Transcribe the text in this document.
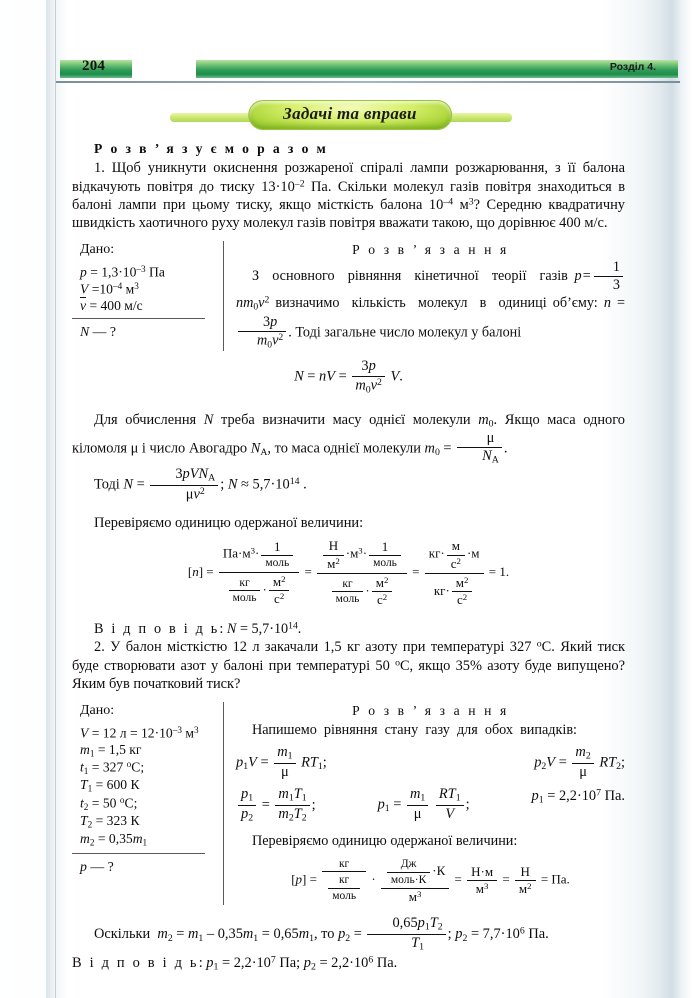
204	Розділ 4.
Задачі та вправи
Р о з в ’ я з у є м о р а з о м

1. Щоб уникнути окиснення розжареної спіралі лампи розжарювання, з її балона відкачують повітря до тиску $13\cdot 10^{-2}$ Па. Скільки молекул газів повітря знаходиться в балоні лампи при цьому тиску, якщо місткість балона $10^{-4}$ $м^3$? Середню квадратичну швидкість хаотичного руху молекул газів повітря вважати такою, що дорівнює 400 м/с.

Дано:
$p = 1,3\cdot 10^{-3}$ Па
$V =10^{-4}$ $м^3$
v = 400 м/с
N — ?
Р о з в ’ я з а н н я

З  основного  рівняння  кінетичної  теорії  газів p =  $\frac{1}{3}$
$nm_0v^2$ визначимо  кількість  молекул  в  одиниці об’єму: n =
$\frac{3p}{m_0v^2}$ . Тоді загальне число молекул у балоні

N = nV = $\frac{3p}{m_0v^2} V$.

Для обчислення N треба визначити масу однієї молекули $m_0$. Якщо маса одного кіломоля μ і число Авогадро $N_А$, то маса однієї молекули $m_0 = \frac{\mu}{N_А}$ .

Тоді $N = \frac{3pVN_А}{\mu v^2}$ ; $N \approx 5,7\cdot 10^{14}$ .

Перевіряємо одиницю одержаної величини:

$[n] = \frac{Па\cdot м^3\cdot \frac{1}{\text{моль}}}{\frac{кг}{\text{моль}} \cdot \frac{м^2}{с^2}} = \frac{\frac{Н}{м^2} \cdot м^3\cdot \frac{1}{\text{моль}}}{\frac{кг}{\text{моль}} \cdot \frac{м^2}{с^2}} = \frac{кг\cdot \frac{м}{с^2} \cdot м}{кг\cdot \frac{м^2}{с^2}} = 1$.

В і д п о в і д ь: $N = 5,7\cdot 10^{14}$.

2. У балон місткістю 12 л закачали 1,5 кг азоту при температурі 327 $^o$С. Який тиск буде створювати азот у балоні при температурі 50 $^o$С, якщо 35% азоту буде випущено? Яким був початковий тиск?

Дано:
V = 12 $л = 12\cdot 10^{-3}$ $м^3$
$m_1 = 1,5$ кг
$t_1 = 327$ $^o$С;
$T_1 = 600$ К
$t_2 = 50$ $^o$С;
$T_2 = 323$ К
$m_2 = 0,35m_1$
p — ?
Р о з в ’ я з а н н я

Напишемо  рівняння  стану  газу  для  обох  випадків:

$p_1V = \frac{m_1}{\mu} RT_1$;	$p_2V = \frac{m_2}{\mu} RT_2$;
$\frac{p_1}{p_2} = \frac{m_1T_1}{m_2T_2}$ ;	$p_1 = \frac{m_1}{\mu}$
$\frac{RT_1}{V}$ ;
$p_1 = 2,2\cdot 10^7$ Па.

Перевіряємо одиницю одержаної величини:

$[p] = \frac{кг}{\frac{кг}{\text{моль}}} \cdot \frac{\frac{Дж}{\text{моль·К}} \cdot К}{м^3} = \frac{Н\cdot м}{м^3} = \frac{Н}{м^2}$ = Па.

Оскільки  $m_2 = m_1 - 0,35m_1 = 0,65m_1$, то $p_2 = \frac{0,65p_1T_2}{T_1}$ ; $p_2 = 7,7\cdot 10^6$ Па.

В і д п о в і д ь: $p_1 = 2,2\cdot 10^7$ Па; $p_2 = 2,2\cdot 10^6$ Па.
